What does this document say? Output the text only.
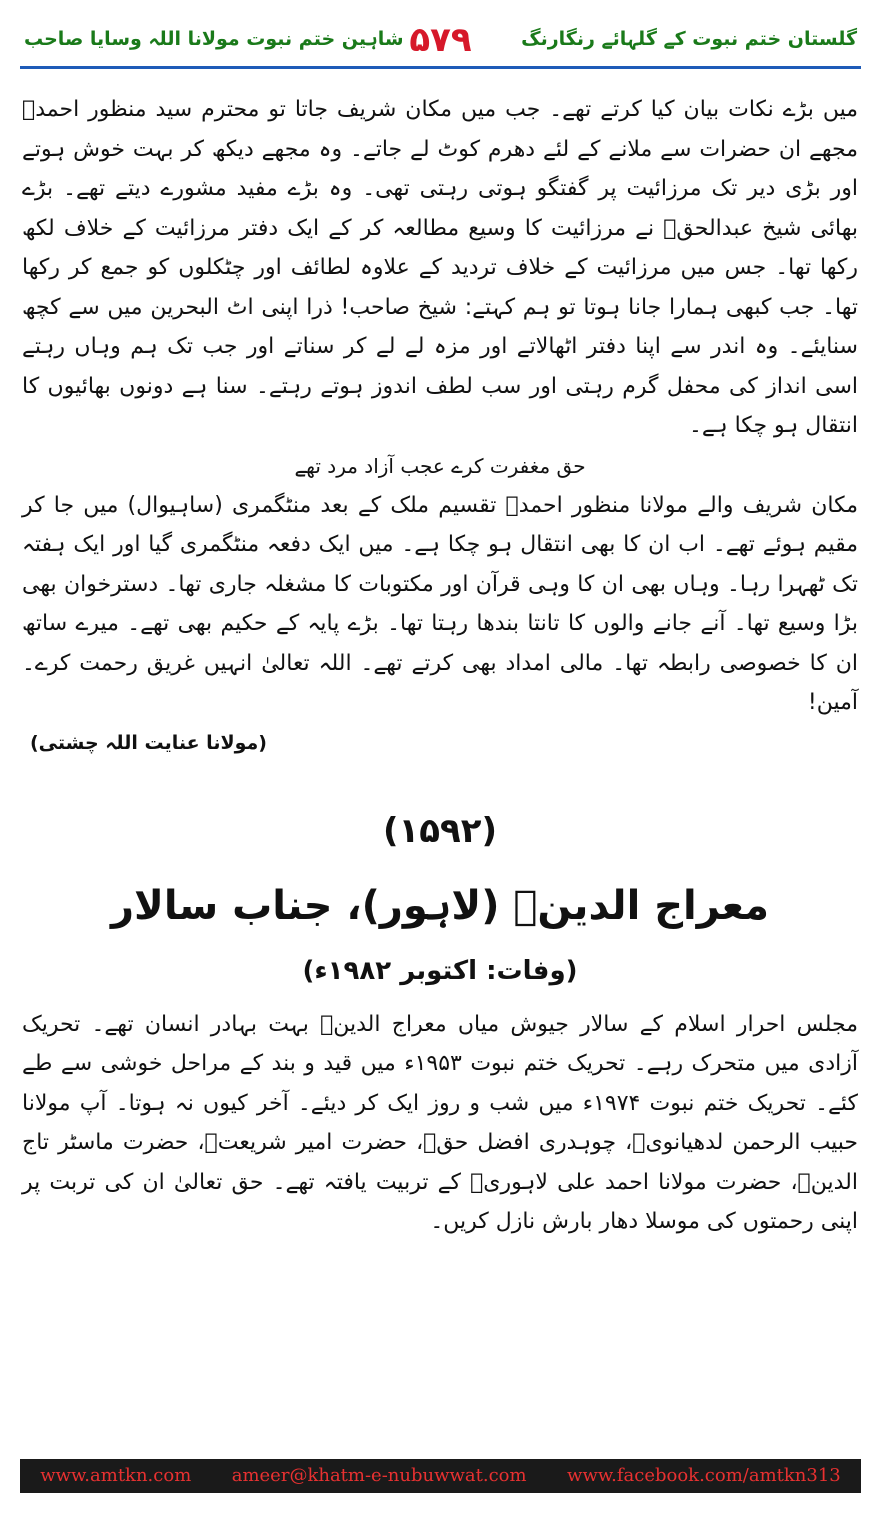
شاہین ختم نبوت مولانا اللہ وسایا صاحب ۵۷۹	گلستان ختم نبوت کے گلہائے رنگارنگ

میں بڑے نکات بیان کیا کرتے تھے۔ جب میں مکان شریف جاتا تو محترم سید منظور احمدؒ مجھے ان حضرات سے ملانے کے لئے دھرم کوٹ لے جاتے۔ وہ مجھے دیکھ کر بہت خوش ہوتے اور بڑی دیر تک مرزائیت پر گفتگو ہوتی رہتی تھی۔ وہ بڑے مفید مشورے دیتے تھے۔ بڑے بھائی شیخ عبدالحقؒ نے مرزائیت کا وسیع مطالعہ کر کے ایک دفتر مرزائیت کے خلاف لکھ رکھا تھا۔ جس میں مرزائیت کے خلاف تردید کے علاوہ لطائف اور چٹکلوں کو جمع کر رکھا تھا۔ جب کبھی ہمارا جانا ہوتا تو ہم کہتے: شیخ صاحب! ذرا اپنی اٹ البحرین میں سے کچھ سنایئے۔ وہ اندر سے اپنا دفتر اٹھالاتے اور مزہ لے لے کر سناتے اور جب تک ہم وہاں رہتے اسی انداز کی محفل گرم رہتی اور سب لطف اندوز ہوتے رہتے۔ سنا ہے دونوں بھائیوں کا انتقال ہو چکا ہے۔

حق مغفرت کرے عجب آزاد مرد تھے

مکان شریف والے مولانا منظور احمدؒ تقسیم ملک کے بعد منٹگمری (ساہیوال) میں جا کر مقیم ہوئے تھے۔ اب ان کا بھی انتقال ہو چکا ہے۔ میں ایک دفعہ منٹگمری گیا اور ایک ہفتہ تک ٹھہرا رہا۔ وہاں بھی ان کا وہی قرآن اور مکتوبات کا مشغلہ جاری تھا۔ دسترخوان بھی بڑا وسیع تھا۔ آنے جانے والوں کا تانتا بندھا رہتا تھا۔ بڑے پایہ کے حکیم بھی تھے۔ میرے ساتھ ان کا خصوصی رابطہ تھا۔ مالی امداد بھی کرتے تھے۔ اللہ تعالیٰ انہیں غریق رحمت کرے۔ آمین!

(مولانا عنایت اللہ چشتی)

(۱۵۹۲)

معراج الدینؒ (لاہور)، جناب سالار

(وفات: اکتوبر ۱۹۸۲ء)

مجلس احرار اسلام کے سالار جیوش میاں معراج الدینؒ بہت بہادر انسان تھے۔ تحریک آزادی میں متحرک رہے۔ تحریک ختم نبوت ۱۹۵۳ء میں قید و بند کے مراحل خوشی سے طے کئے۔ تحریک ختم نبوت ۱۹۷۴ء میں شب و روز ایک کر دیئے۔ آخر کیوں نہ ہوتا۔ آپ مولانا حبیب الرحمن لدھیانویؒ، چوہدری افضل حقؒ، حضرت امیر شریعتؒ، حضرت ماسٹر تاج الدینؒ، حضرت مولانا احمد علی لاہوریؒ کے تربیت یافتہ تھے۔ حق تعالیٰ ان کی تربت پر اپنی رحمتوں کی موسلا دھار بارش نازل کریں۔

www.amtkn.com ameer@khatm-e-nubuwwat.com www.facebook.com/amtkn313
